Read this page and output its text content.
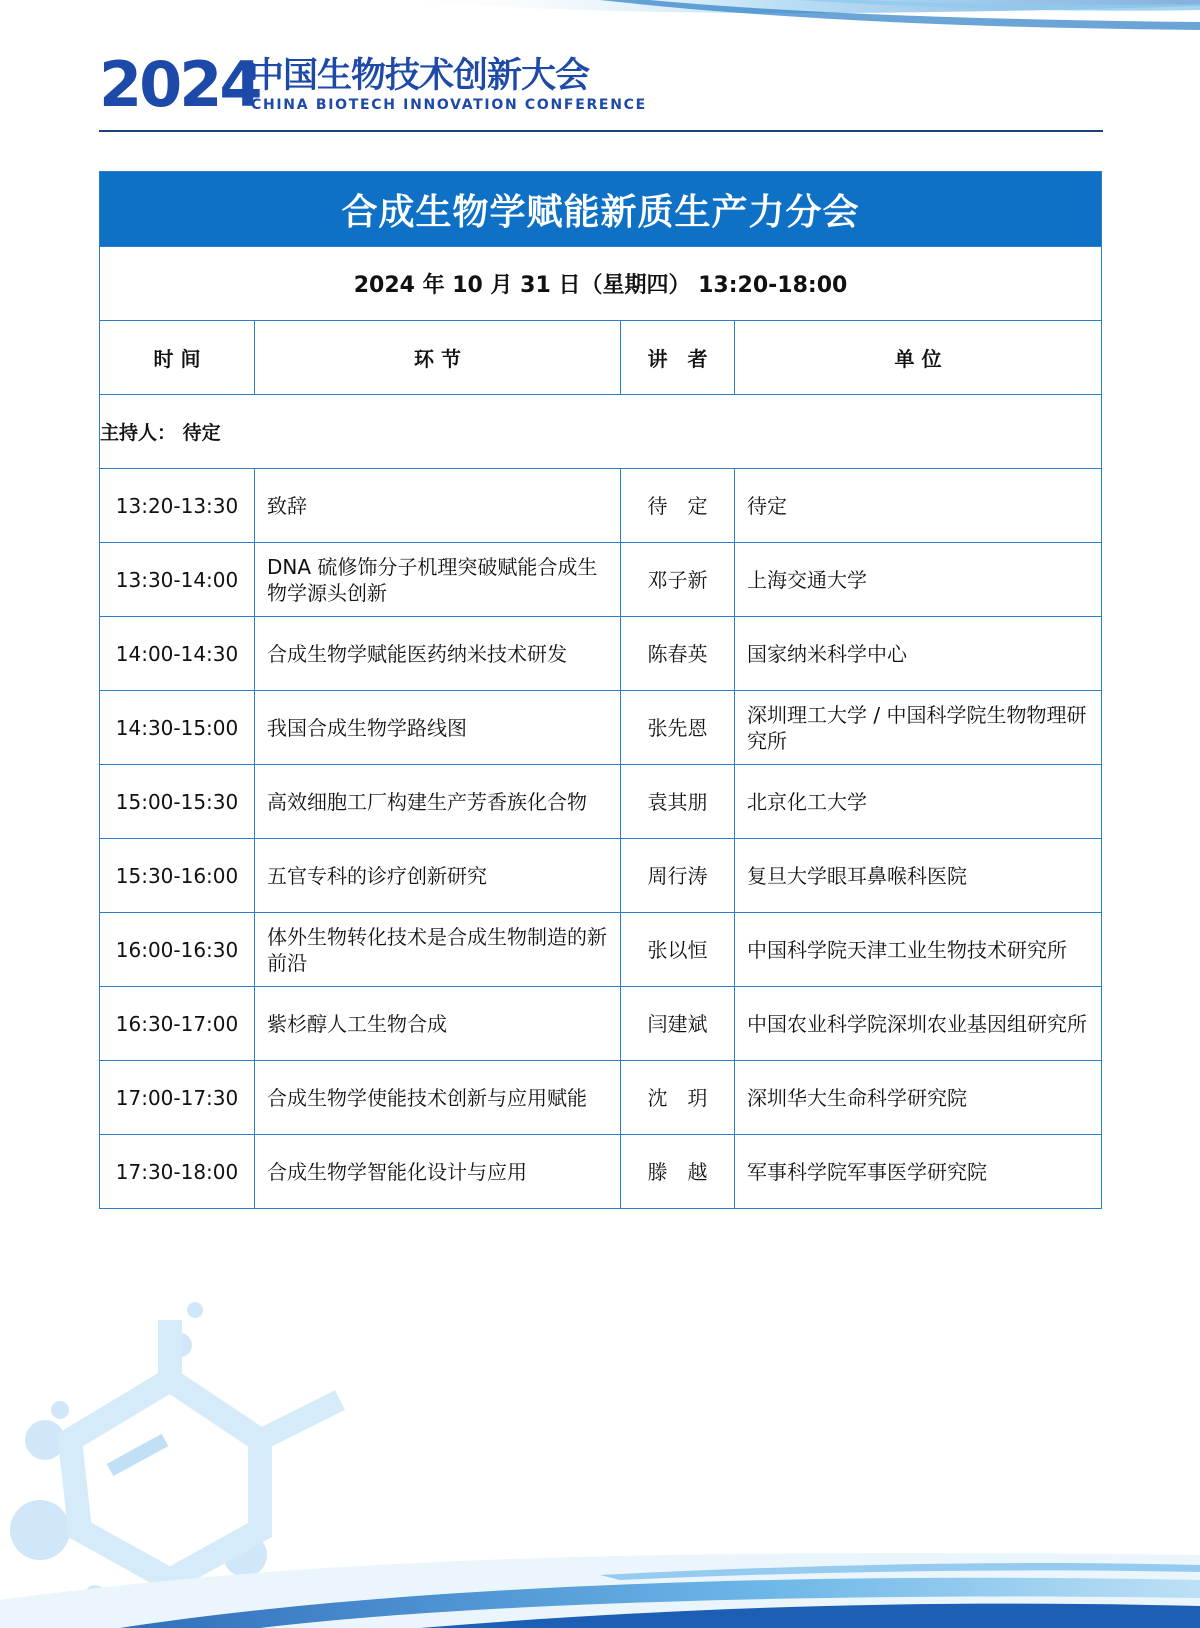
2024
中国生物技术创新大会
CHINA BIOTECH INNOVATION CONFERENCE
合成生物学赋能新质生产力分会			
2024 年 10 月 31 日（星期四） 13:20-18:00			
时 间	环 节	讲　者	单 位
主持人： 待定			
13:20-13:30	致辞	待　定	待定
13:30-14:00	DNA 硫修饰分子机理突破赋能合成生物学源头创新	邓子新	上海交通大学
14:00-14:30	合成生物学赋能医药纳米技术研发	陈春英	国家纳米科学中心
14:30-15:00	我国合成生物学路线图	张先恩	深圳理工大学 / 中国科学院生物物理研究所
15:00-15:30	高效细胞工厂构建生产芳香族化合物	袁其朋	北京化工大学
15:30-16:00	五官专科的诊疗创新研究	周行涛	复旦大学眼耳鼻喉科医院
16:00-16:30	体外生物转化技术是合成生物制造的新前沿	张以恒	中国科学院天津工业生物技术研究所
16:30-17:00	紫杉醇人工生物合成	闫建斌	中国农业科学院深圳农业基因组研究所
17:00-17:30	合成生物学使能技术创新与应用赋能	沈　玥	深圳华大生命科学研究院
17:30-18:00	合成生物学智能化设计与应用	滕　越	军事科学院军事医学研究院
